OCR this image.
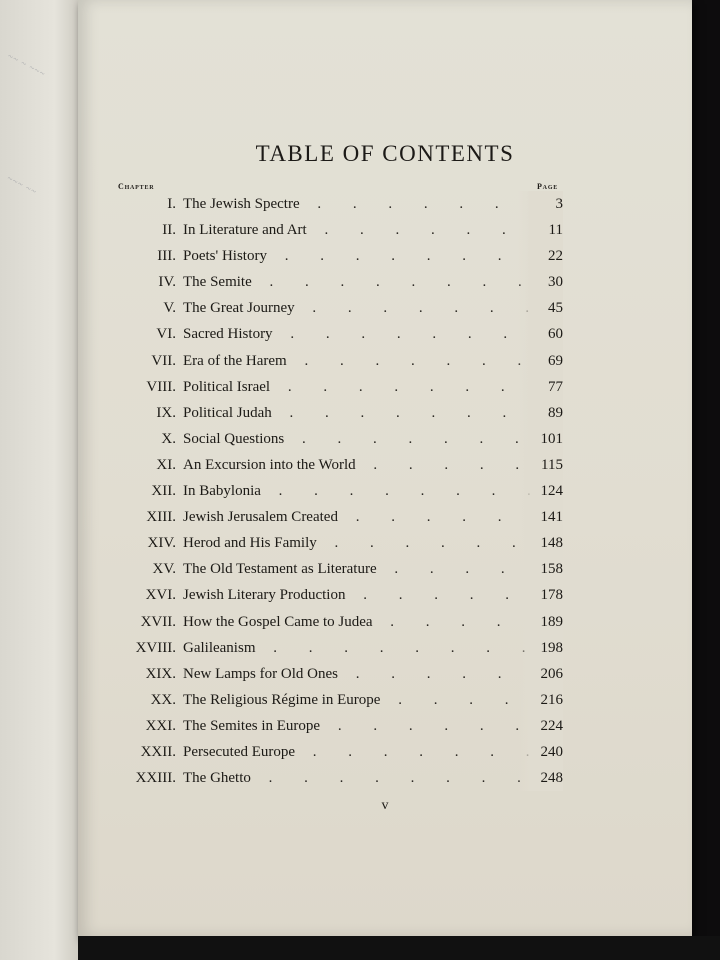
~~ ~ ~~~
~~~ ~~
TABLE OF CONTENTS
Chapter	Page
I. The Jewish Spectre . . .	3
II. In Literature and Art . . .	11
III. Poets' History . . .	22
IV. The Semite . . .	30
V. The Great Journey . . .	45
VI. Sacred History . . .	60
VII. Era of the Harem . . .	69
VIII. Political Israel . . .	77
IX. Political Judah . . .	89
X. Social Questions . . .	101
XI. An Excursion into the World . . .	115
XII. In Babylonia . . .	124
XIII. Jewish Jerusalem Created . . .	141
XIV. Herod and His Family . . .	148
XV. The Old Testament as Literature . . .	158
XVI. Jewish Literary Production . . .	178
XVII. How the Gospel Came to Judea . . .	189
XVIII. Galileanism . . .	198
XIX. New Lamps for Old Ones . . .	206
XX. The Religious Régime in Europe . . .	216
XXI. The Semites in Europe . . .	224
XXII. Persecuted Europe . . .	240
XXIII. The Ghetto . . .	248
v
